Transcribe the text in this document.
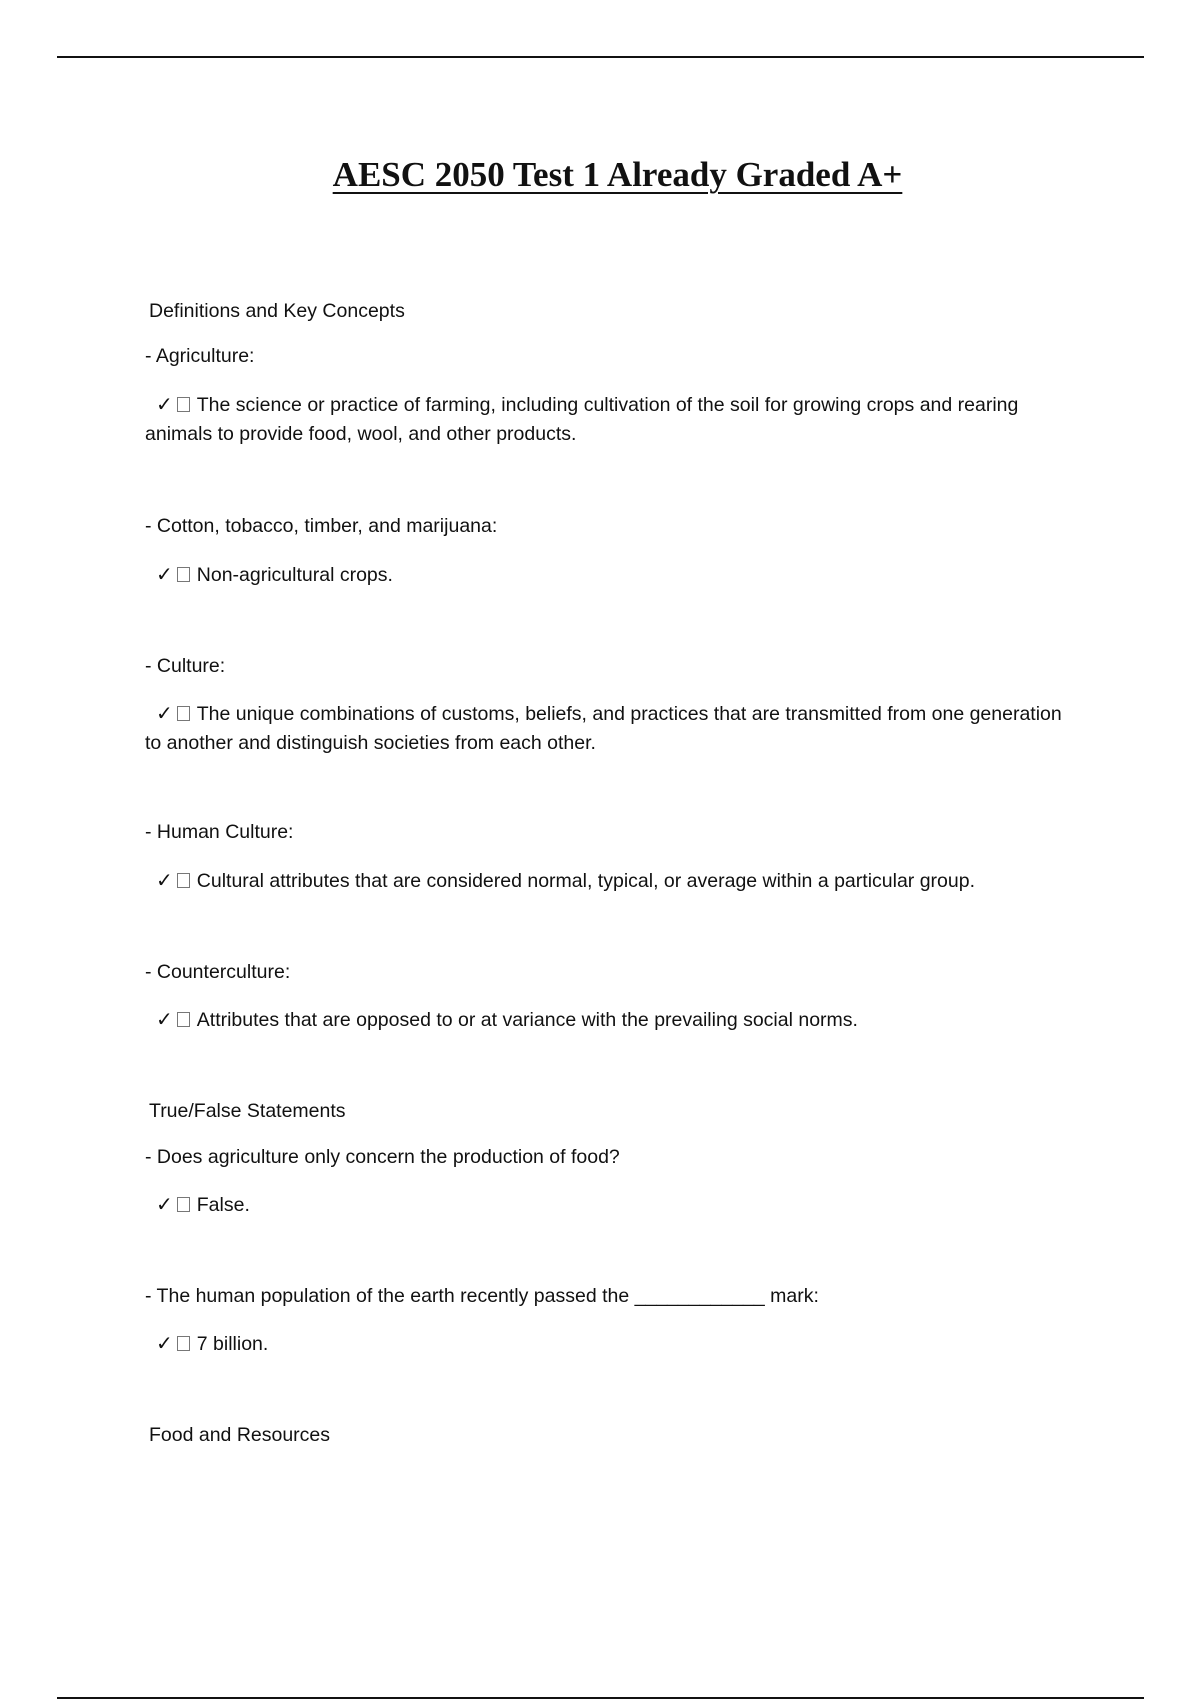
AESC 2050 Test 1 Already Graded A+

Definitions and Key Concepts

- Agriculture:

✓ The science or practice of farming, including cultivation of the soil for growing crops and rearing animals to provide food, wool, and other products.

- Cotton, tobacco, timber, and marijuana:

✓ Non-agricultural crops.

- Culture:

✓ The unique combinations of customs, beliefs, and practices that are transmitted from one generation to another and distinguish societies from each other.

- Human Culture:

✓ Cultural attributes that are considered normal, typical, or average within a particular group.

- Counterculture:

✓ Attributes that are opposed to or at variance with the prevailing social norms.

True/False Statements

- Does agriculture only concern the production of food?

✓ False.

- The human population of the earth recently passed the ____________ mark:

✓ 7 billion.

Food and Resources
